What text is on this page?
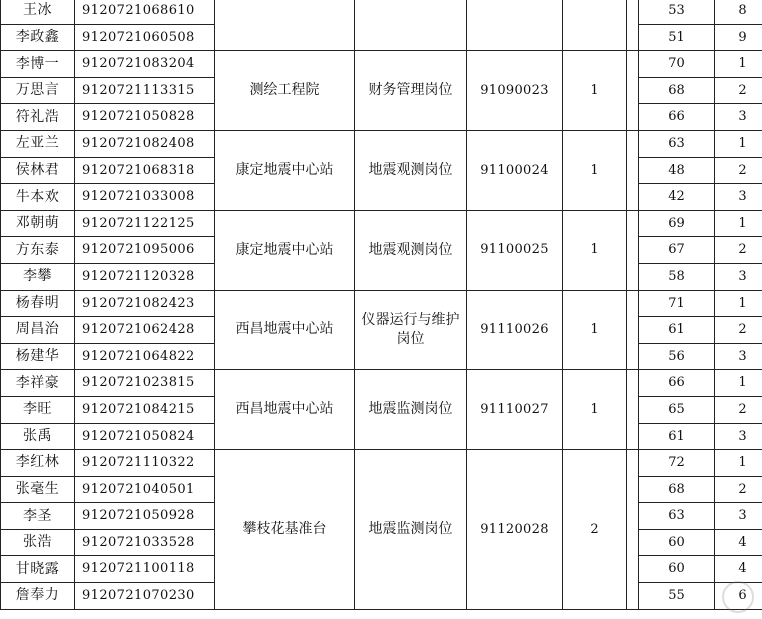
王冰	9120721068610						53	8
李政鑫	9120721060508						51	9
李博一	9120721083204	测绘工程院	财务管理岗位	91090023	1		70	1
万思言	9120721113315						68	2
符礼浩	9120721050828						66	3
左亚兰	9120721082408	康定地震中心站	地震观测岗位	91100024	1		63	1
侯林君	9120721068318						48	2
牛本欢	9120721033008						42	3
邓朝萌	9120721122125	康定地震中心站	地震观测岗位	91100025	1		69	1
方东泰	9120721095006						67	2
李攀	9120721120328						58	3
杨春明	9120721082423	西昌地震中心站	仪器运行与维护岗位	91110026	1		71	1
周昌治	9120721062428						61	2
杨建华	9120721064822						56	3
李祥豪	9120721023815	西昌地震中心站	地震监测岗位	91110027	1		66	1
李旺	9120721084215						65	2
张禹	9120721050824						61	3
李红林	9120721110322	攀枝花基准台	地震监测岗位	91120028	2		72	1
张毫生	9120721040501						68	2
李圣	9120721050928						63	3
张浩	9120721033528						60	4
甘晓露	9120721100118						60	4
詹奉力	9120721070230						55	6
